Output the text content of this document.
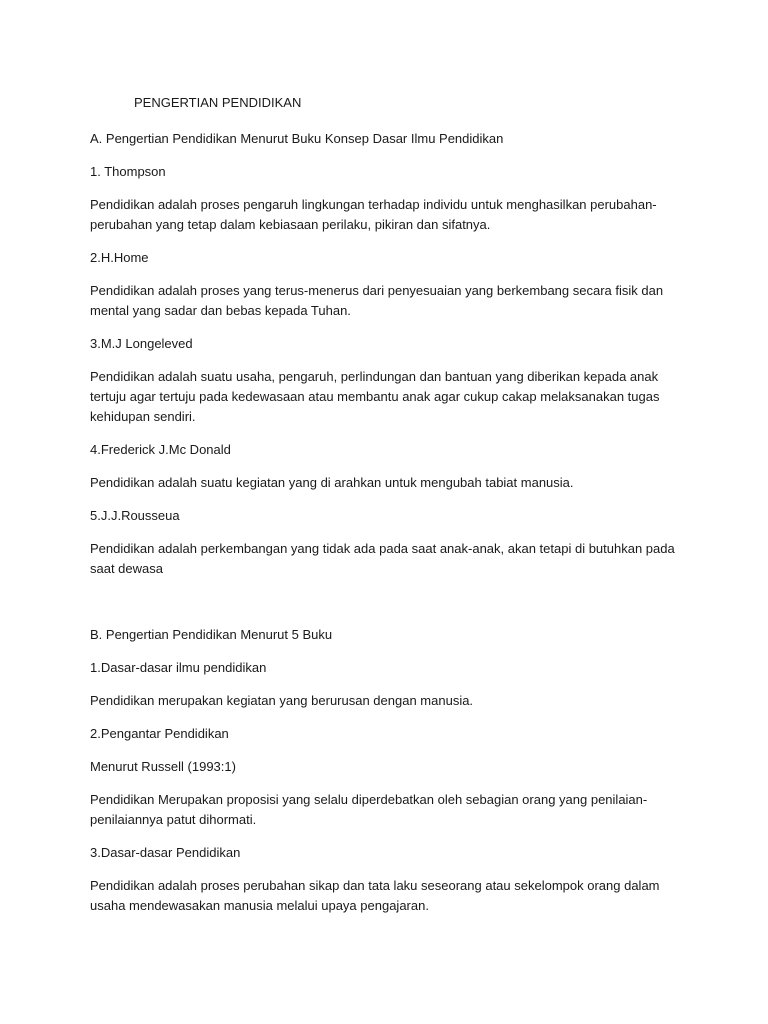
PENGERTIAN PENDIDIKAN
A. Pengertian Pendidikan Menurut Buku Konsep Dasar Ilmu Pendidikan
1. Thompson
Pendidikan adalah proses pengaruh lingkungan terhadap individu untuk menghasilkan perubahan-perubahan yang tetap dalam kebiasaan perilaku, pikiran dan sifatnya.
2.H.Home
Pendidikan adalah proses yang terus-menerus dari penyesuaian yang berkembang secara fisik dan mental yang sadar dan bebas kepada Tuhan.
3.M.J Longeleved
Pendidikan adalah suatu usaha, pengaruh, perlindungan dan bantuan yang diberikan kepada anak tertuju agar tertuju pada kedewasaan atau membantu anak agar cukup cakap melaksanakan tugas kehidupan sendiri.
4.Frederick J.Mc Donald
Pendidikan adalah suatu kegiatan yang di arahkan untuk mengubah tabiat manusia.
5.J.J.Rousseua
Pendidikan adalah perkembangan yang tidak ada pada saat anak-anak, akan tetapi di butuhkan pada saat dewasa
B. Pengertian Pendidikan Menurut 5 Buku
1.Dasar-dasar ilmu pendidikan
Pendidikan merupakan kegiatan yang berurusan dengan manusia.
2.Pengantar Pendidikan
Menurut Russell (1993:1)
Pendidikan Merupakan proposisi yang selalu diperdebatkan oleh sebagian orang yang penilaian-penilaiannya patut dihormati.
3.Dasar-dasar Pendidikan
Pendidikan adalah proses perubahan sikap dan tata laku seseorang atau sekelompok orang dalam usaha mendewasakan manusia melalui upaya pengajaran.
